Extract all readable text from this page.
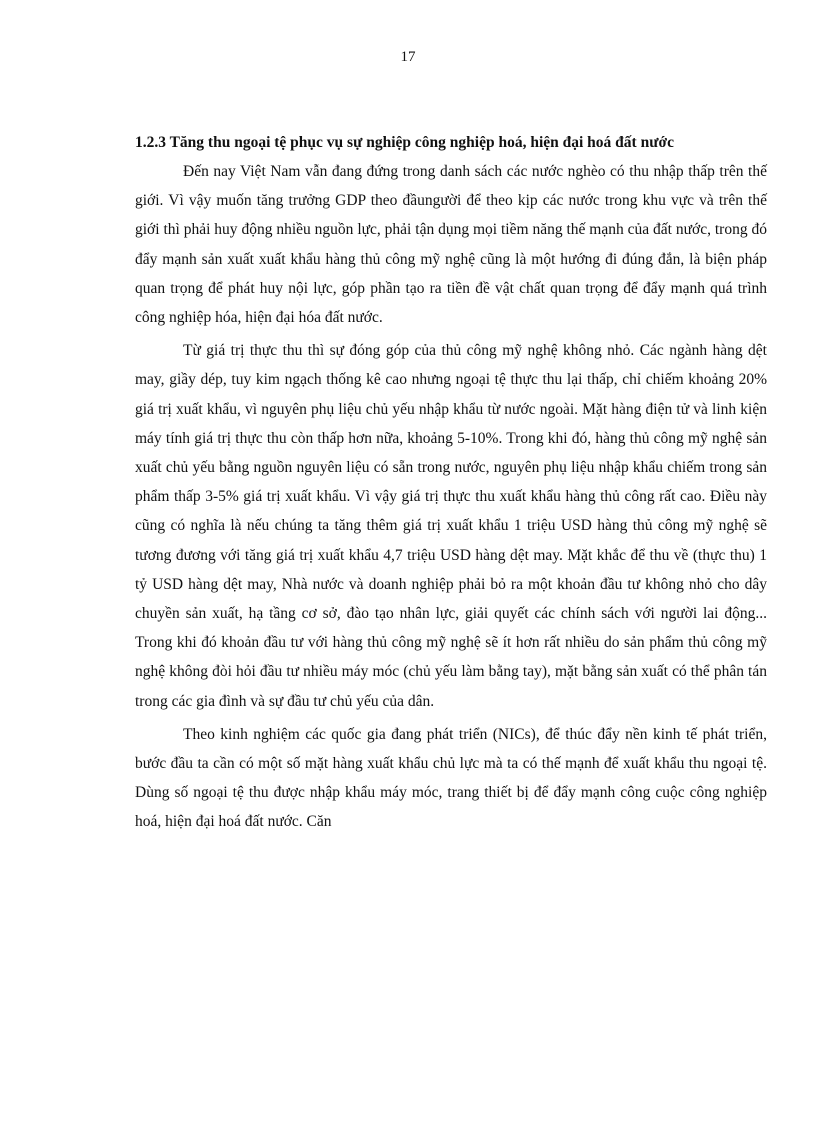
17

1.2.3 Tăng thu ngoại tệ phục vụ sự nghiệp công nghiệp hoá, hiện đại hoá đất nước

Đến nay Việt Nam vẫn đang đứng trong danh sách các nước nghèo có thu nhập thấp trên thế giới. Vì vậy muốn tăng trưởng GDP theo đầungười để theo kịp các nước trong khu vực và trên thế giới thì phải huy động nhiều nguồn lực, phải tận dụng mọi tiềm năng thế mạnh của đất nước, trong đó đẩy mạnh sản xuất xuất khẩu hàng thủ công mỹ nghệ cũng là một hướng đi đúng đắn, là biện pháp quan trọng để phát huy nội lực, góp phần tạo ra tiền đề vật chất quan trọng để đẩy mạnh quá trình công nghiệp hóa, hiện đại hóa đất nước.

Từ giá trị thực thu thì sự đóng góp của thủ công mỹ nghệ không nhỏ. Các ngành hàng dệt may, giầy dép, tuy kim ngạch thống kê cao nhưng ngoại tệ thực thu lại thấp, chỉ chiếm khoảng 20% giá trị xuất khẩu, vì nguyên phụ liệu chủ yếu nhập khẩu từ nước ngoài. Mặt hàng điện tử và linh kiện máy tính giá trị thực thu còn thấp hơn nữa, khoảng 5-10%. Trong khi đó, hàng thủ công mỹ nghệ sản xuất chủ yếu bằng nguồn nguyên liệu có sẵn trong nước, nguyên phụ liệu nhập khẩu chiếm trong sản phẩm thấp 3-5% giá trị xuất khẩu. Vì vậy giá trị thực thu xuất khẩu hàng thủ công rất cao. Điều này cũng có nghĩa là nếu chúng ta tăng thêm giá trị xuất khẩu 1 triệu USD hàng thủ công mỹ nghệ sẽ tương đương với tăng giá trị xuất khẩu 4,7 triệu USD hàng dệt may. Mặt khắc để thu về (thực thu) 1 tỷ USD hàng dệt may, Nhà nước và doanh nghiệp phải bỏ ra một khoản đầu tư không nhỏ cho dây chuyền sản xuất, hạ tầng cơ sở, đào tạo nhân lực, giải quyết các chính sách với người lai động... Trong khi đó khoản đầu tư với hàng thủ công mỹ nghệ sẽ ít hơn rất nhiều do sản phẩm thủ công mỹ nghệ không đòi hỏi đầu tư nhiều máy móc (chủ yếu làm bằng tay), mặt bằng sản xuất có thể phân tán trong các gia đình và sự đầu tư chủ yếu của dân.

Theo kinh nghiệm các quốc gia đang phát triển (NICs), để thúc đẩy nền kinh tế phát triển, bước đầu ta cần có một số mặt hàng xuất khẩu chủ lực mà ta có thế mạnh để xuất khẩu thu ngoại tệ. Dùng số ngoại tệ thu được nhập khẩu máy móc, trang thiết bị để đẩy mạnh công cuộc công nghiệp hoá, hiện đại hoá đất nước. Căn
